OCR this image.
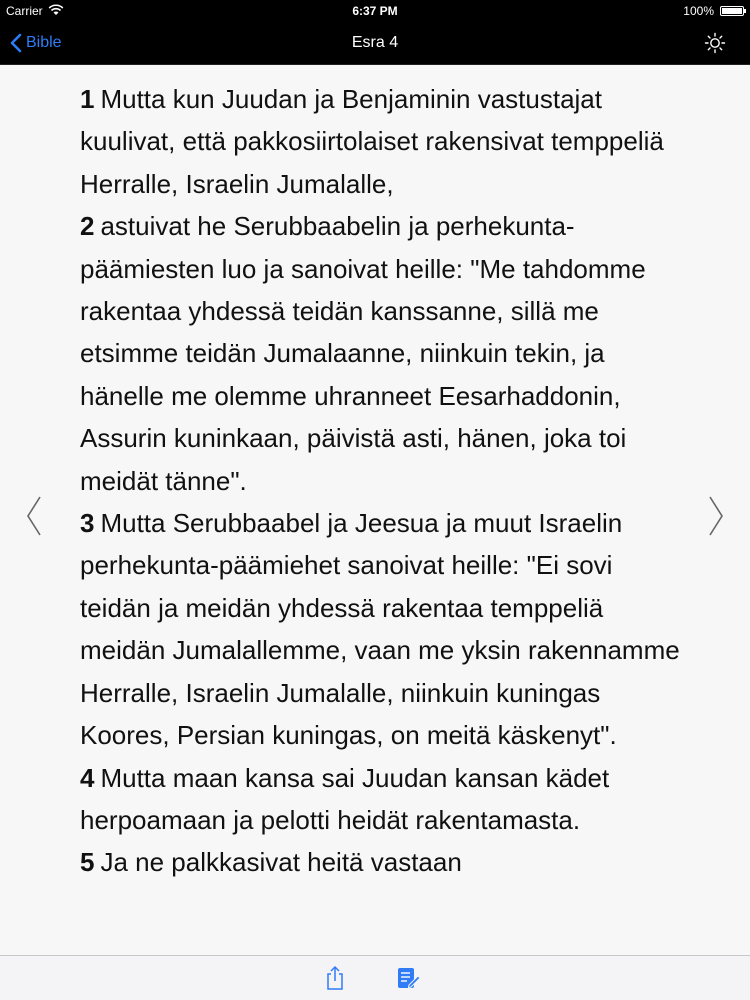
Carrier	6:37 PM	100%
Bible	Esra 4

1 Mutta kun Juudan ja Benjaminin vastustajat kuulivat, että pakkosiirtolaiset rakensivat temppeliä Herralle, Israelin Jumalalle,

2 astuivat he Serubbaabelin ja perhekunta-päämiesten luo ja sanoivat heille: "Me tahdomme rakentaa yhdessä teidän kanssanne, sillä me etsimme teidän Jumalaanne, niinkuin tekin, ja hänelle me olemme uhranneet Eesarhaddonin, Assurin kuninkaan, päivistä asti, hänen, joka toi meidät tänne".

3 Mutta Serubbaabel ja Jeesua ja muut Israelin perhekunta-päämiehet sanoivat heille: "Ei sovi teidän ja meidän yhdessä rakentaa temppeliä meidän Jumalallemme, vaan me yksin rakennamme Herralle, Israelin Jumalalle, niinkuin kuningas Koores, Persian kuningas, on meitä käskenyt".

4 Mutta maan kansa sai Juudan kansan kädet herpoamaan ja pelotti heidät rakentamasta.

5 Ja ne palkkasivat heitä vastaan
